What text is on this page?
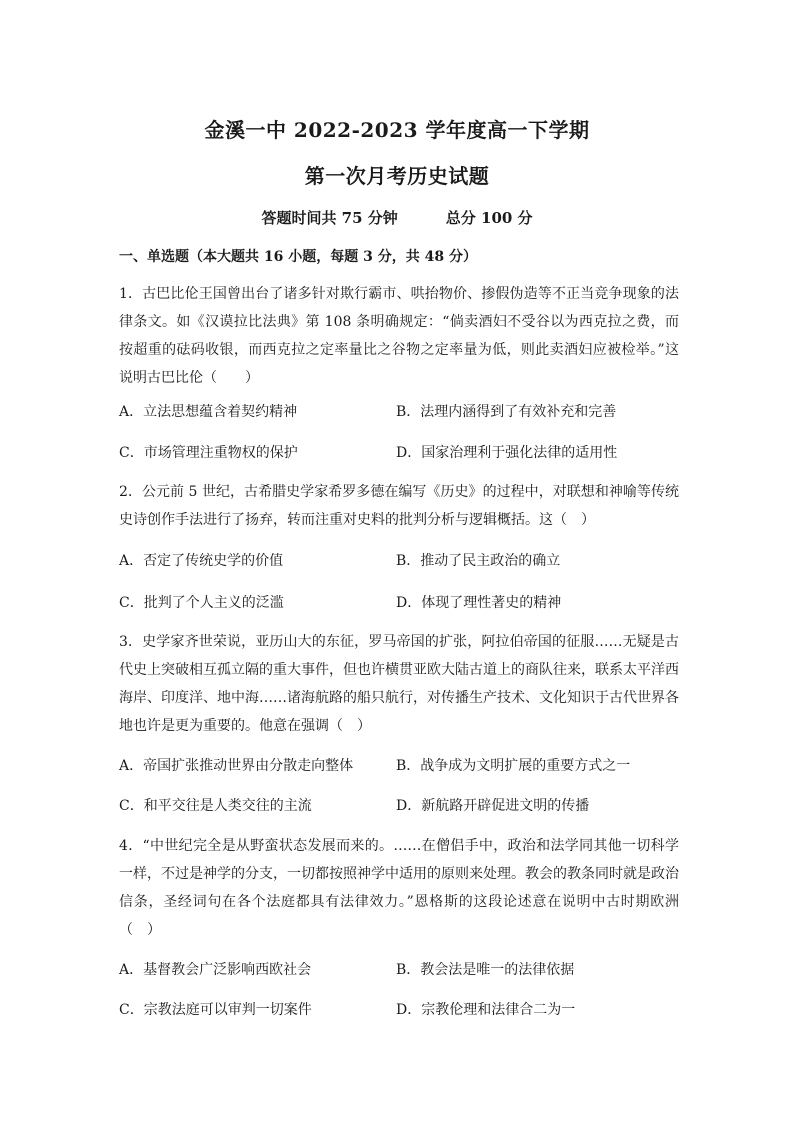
金溪一中 2022-2023 学年度高一下学期
第一次月考历史试题
答题时间共 75 分钟	总分 100 分
一、单选题（本大题共 16 小题，每题 3 分，共 48 分）
1．古巴比伦王国曾出台了诸多针对欺行霸市、哄抬物价、掺假伪造等不正当竞争现象的法律条文。如《汉谟拉比法典》第 108 条明确规定：“倘卖酒妇不受谷以为西克拉之费，而按超重的砝码收银，而西克拉之定率量比之谷物之定率量为低，则此卖酒妇应被检举。”这说明古巴比伦（　　）
A．立法思想蕴含着契约精神	B．法理内涵得到了有效补充和完善
C．市场管理注重物权的保护	D．国家治理利于强化法律的适用性
2．公元前 5 世纪，古希腊史学家希罗多德在编写《历史》的过程中，对联想和神喻等传统史诗创作手法进行了扬弃，转而注重对史料的批判分析与逻辑概括。这（　）
A．否定了传统史学的价值	B．推动了民主政治的确立
C．批判了个人主义的泛滥	D．体现了理性著史的精神
3．史学家齐世荣说，亚历山大的东征，罗马帝国的扩张，阿拉伯帝国的征服……无疑是古代史上突破相互孤立隔的重大事件，但也许横贯亚欧大陆古道上的商队往来，联系太平洋西海岸、印度洋、地中海……诸海航路的船只航行，对传播生产技术、文化知识于古代世界各地也许是更为重要的。他意在强调（　）
A．帝国扩张推动世界由分散走向整体	B．战争成为文明扩展的重要方式之一
C．和平交往是人类交往的主流	D．新航路开辟促进文明的传播
4．“中世纪完全是从野蛮状态发展而来的。……在僧侣手中，政治和法学同其他一切科学一样，不过是神学的分支，一切都按照神学中适用的原则来处理。教会的教条同时就是政治信条，圣经词句在各个法庭都具有法律效力。”恩格斯的这段论述意在说明中古时期欧洲（　）
A．基督教会广泛影响西欧社会	B．教会法是唯一的法律依据
C．宗教法庭可以审判一切案件	D．宗教伦理和法律合二为一
